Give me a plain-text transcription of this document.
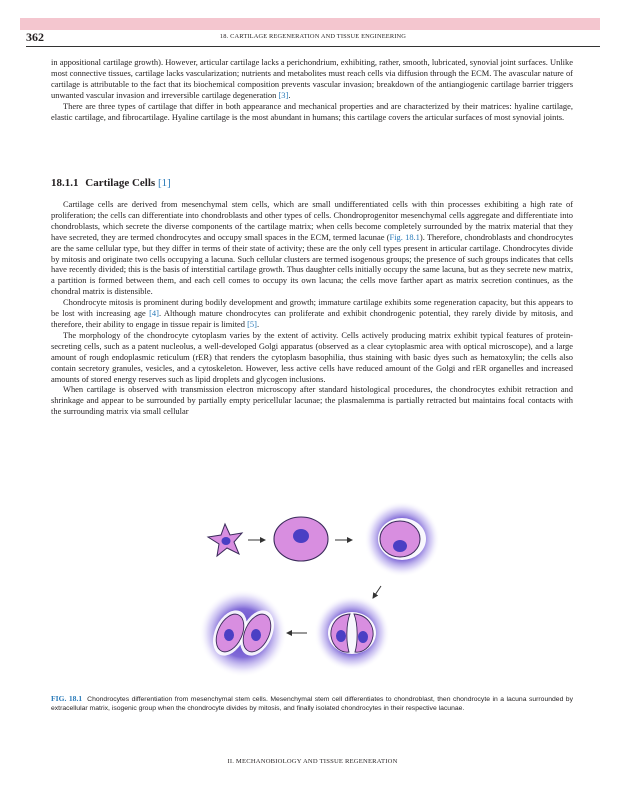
362	18. CARTILAGE REGENERATION AND TISSUE ENGINEERING

in appositional cartilage growth). However, articular cartilage lacks a perichondrium, exhibiting, rather, smooth, lubricated, synovial joint surfaces. Unlike most connective tissues, cartilage lacks vascularization; nutrients and metabolites must reach cells via diffusion through the ECM. The avascular nature of cartilage is attributable to the fact that its biochemical composition prevents vascular invasion; breakdown of the antiangiogenic cartilage barrier triggers unwanted vascular invasion and irreversible cartilage degeneration [3].

There are three types of cartilage that differ in both appearance and mechanical properties and are characterized by their matrices: hyaline cartilage, elastic cartilage, and fibrocartilage. Hyaline cartilage is the most abundant in humans; this cartilage covers the articular surfaces of most synovial joints.

18.1.1 Cartilage Cells [1]

Cartilage cells are derived from mesenchymal stem cells, which are small undifferentiated cells with thin processes exhibiting a high rate of proliferation; the cells can differentiate into chondroblasts and other types of cells. Chondroprogenitor mesenchymal cells aggregate and differentiate into chondroblasts, which secrete the diverse components of the cartilage matrix; when cells become completely surrounded by the matrix material that they have secreted, they are termed chondrocytes and occupy small spaces in the ECM, termed lacunae (Fig. 18.1). Therefore, chondroblasts and chondrocytes are the same cellular type, but they differ in terms of their state of activity; these are the only cell types present in articular cartilage. Chondrocytes divide by mitosis and originate two cells occupying a lacuna. Such cellular clusters are termed isogenous groups; the presence of such groups indicates that cells have recently divided; this is the basis of interstitial cartilage growth. Thus daughter cells initially occupy the same lacuna, but as they secrete new matrix, a partition is formed between them, and each cell comes to occupy its own lacuna; the cells move farther apart as matrix secretion continues, as the chondral matrix is distensible.

Chondrocyte mitosis is prominent during bodily development and growth; immature cartilage exhibits some regeneration capacity, but this appears to be lost with increasing age [4]. Although mature chondrocytes can proliferate and exhibit chondrogenic potential, they rarely divide by mitosis, and therefore, their ability to engage in tissue repair is limited [5].

The morphology of the chondrocyte cytoplasm varies by the extent of activity. Cells actively producing matrix exhibit typical features of protein-secreting cells, such as a patent nucleolus, a well-developed Golgi apparatus (observed as a clear cytoplasmic area with optical microscope), and a large amount of rough endoplasmic reticulum (rER) that renders the cytoplasm basophilia, thus staining with basic dyes such as hematoxylin; the cells also contain secretory granules, vesicles, and a cytoskeleton. However, less active cells have reduced amount of the Golgi and rER organelles and increased amounts of stored energy reserves such as lipid droplets and glycogen inclusions.

When cartilage is observed with transmission electron microscopy after standard histological procedures, the chondrocytes exhibit retraction and shrinkage and appear to be surrounded by partially empty pericellular lacunae; the plasmalemma is partially retracted but maintains focal contacts with the surrounding matrix via small cellular

FIG. 18.1 Chondrocytes differentiation from mesenchymal stem cells. Mesenchymal stem cell differentiates to chondroblast, then chondrocyte in a lacuna surrounded by extracellular matrix, isogenic group when the chondrocyte divides by mitosis, and finally isolated chondrocytes in their respective lacunae.
II. MECHANOBIOLOGY AND TISSUE REGENERATION
